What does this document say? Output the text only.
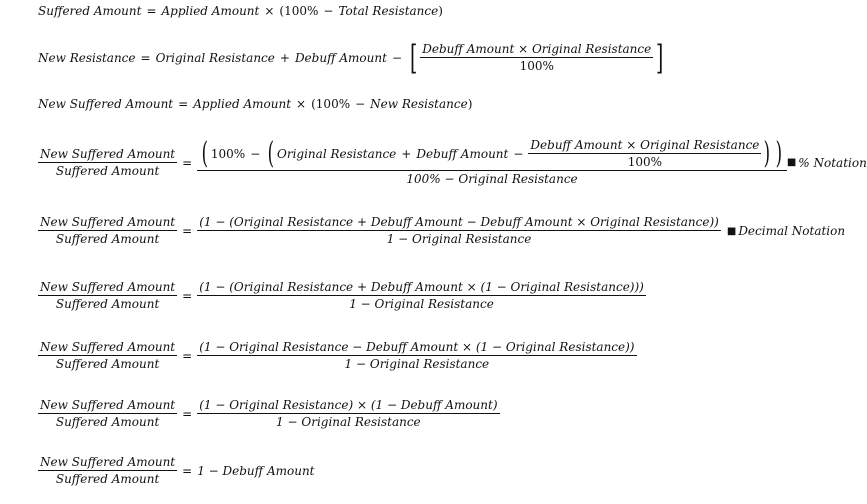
Suffered Amount = Applied Amount × ( 100% − Total Resistance )
New Resistance = Original Resistance + Debuff Amount − [ $\frac{\text{Debuff Amount × Original Resistance}}{100\%}$ ]
New Suffered Amount = Applied Amount × ( 100% − New Resistance )
$\frac{\text{New Suffered Amount}}{\text{Suffered Amount}}$ = ( 100% − ( Original Resistance + Debuff Amount − $\frac{\text{Debuff Amount × Original Resistance}}{100\%}$ ) )
100% − Original Resistance
■ % Notation
$\frac{\text{New Suffered Amount}}{\text{Suffered Amount}}$ =
(1 − (Original Resistance + Debuff Amount − Debuff Amount × Original Resistance))
1 − Original Resistance
■ Decimal Notation
$\frac{\text{New Suffered Amount}}{\text{Suffered Amount}}$ =
(1 − (Original Resistance + Debuff Amount × (1 − Original Resistance)))
1 − Original Resistance
$\frac{\text{New Suffered Amount}}{\text{Suffered Amount}}$ =
(1 − Original Resistance − Debuff Amount × (1 − Original Resistance))
1 − Original Resistance
$\frac{\text{New Suffered Amount}}{\text{Suffered Amount}} = \frac{\text{(1 − Original Resistance) × (1 − Debuff Amount)}}{\text{1 − Original Resistance}}$
$\frac{\text{New Suffered Amount}}{\text{Suffered Amount}} = 1$ − Debuff Amount
